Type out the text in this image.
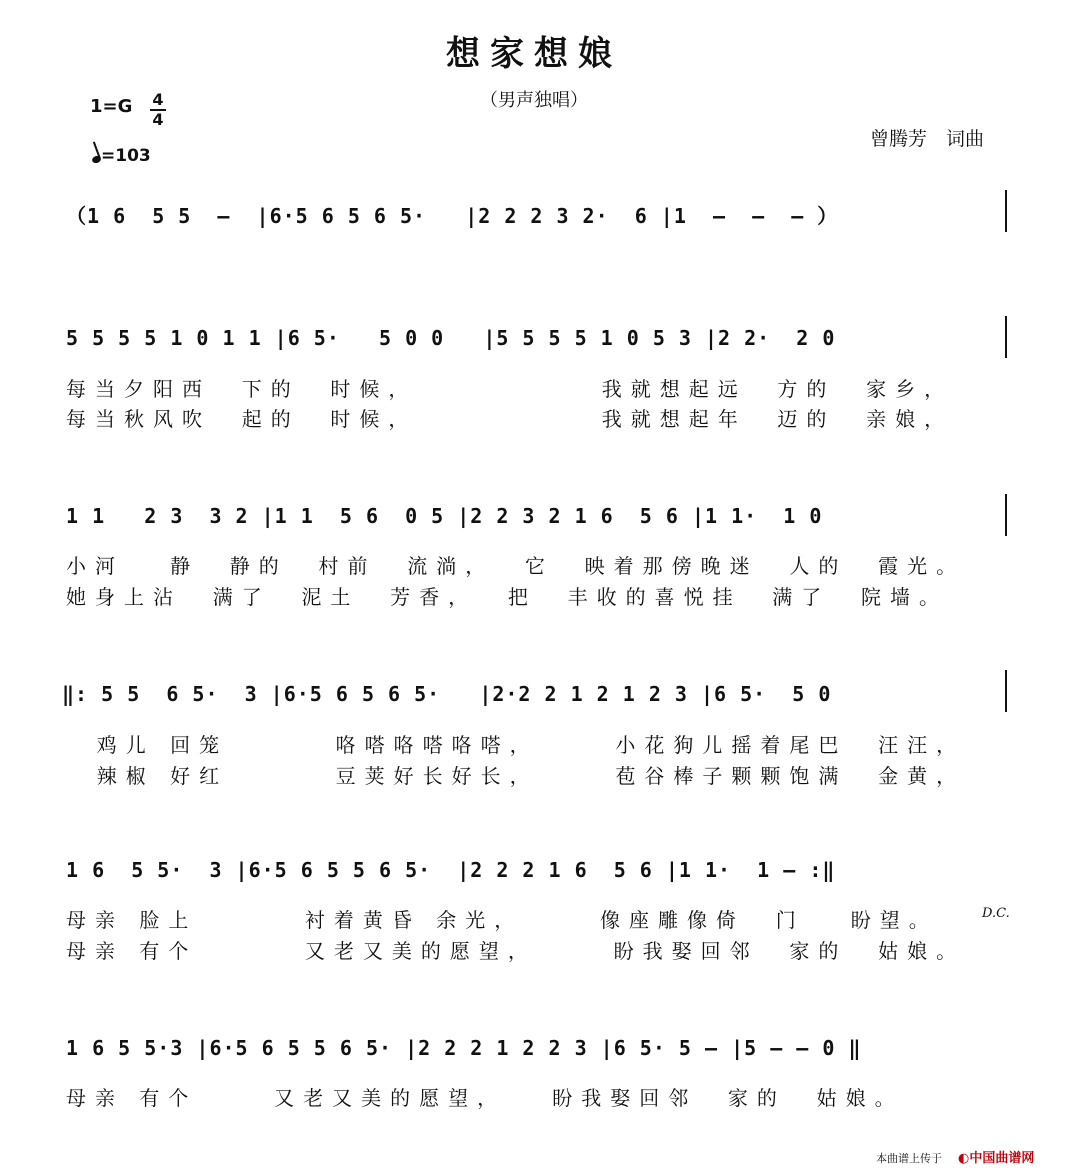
想家想娘
（男声独唱）
1=G 4
4
=103
曾腾芳　词曲
（1 6  5 5  –  |6·5 6 5 6 5·   |2 2 2 3 2·  6 |1  –  –  – ）
5 5 5 5 1 0 1 1 |6 5·   5 0 0   |5 5 5 5 1 0 5 3 |2 2·  2 0
每当夕阳西  下的  时候，            我就想起远  方的  家乡，
每当秋风吹  起的  时候，            我就想起年  迈的  亲娘，
1 1   2 3  3 2 |1 1  5 6  0 5 |2 2 3 2 1 6  5 6 |1 1·  1 0
小河   静  静的  村前  流淌，  它  映着那傍晚迷  人的  霞光。
她身上沾  满了  泥土  芳香，  把  丰收的喜悦挂  满了  院墙。
‖: 5 5  6 5·  3 |6·5 6 5 6 5·   |2·2 2 1 2 1 2 3 |6 5·  5 0
鸡儿 回笼       咯嗒咯嗒咯嗒，     小花狗儿摇着尾巴  汪汪，
辣椒 好红       豆荚好长好长，     苞谷棒子颗颗饱满  金黄，
1 6  5 5·  3 |6·5 6 5 5 6 5·  |2 2 2 1 6  5 6 |1 1·  1 – :‖
母亲 脸上       衬着黄昏 余光，     像座雕像倚  门   盼望。
母亲 有个       又老又美的愿望，     盼我娶回邻  家的  姑娘。
D.C.
1 6 5 5·3 |6·5 6 5 5 6 5· |2 2 2 1 2 2 3 |6 5· 5 – |5 – – 0 ‖
母亲 有个     又老又美的愿望，   盼我娶回邻  家的  姑娘。
本曲谱上传于 ◐中国曲谱网
